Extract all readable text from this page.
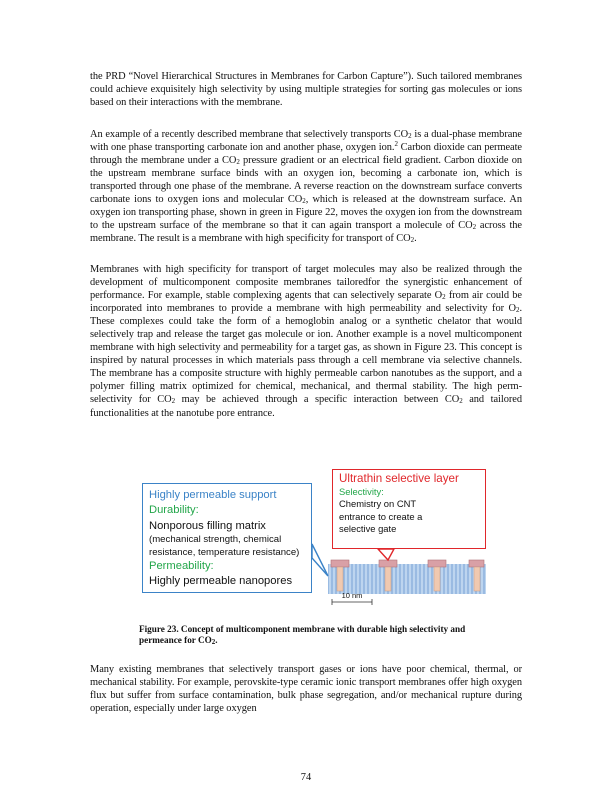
the PRD “Novel Hierarchical Structures in Membranes for Carbon Capture”). Such tailored membranes could achieve exquisitely high selectivity by using multiple strategies for sorting gas molecules or ions based on their interactions with the membrane.

An example of a recently described membrane that selectively transports $CO_2$ is a dual-phase membrane with one phase transporting carbonate ion and another phase, oxygen ion.$^2$ Carbon dioxide can permeate through the membrane under a $CO_2$ pressure gradient or an electrical field gradient. Carbon dioxide on the upstream membrane surface binds with an oxygen ion, becoming a carbonate ion, which is transported through one phase of the membrane. A reverse reaction on the downstream surface converts carbonate ions to oxygen ions and molecular $CO_2$, which is released at the downstream surface. An oxygen ion transporting phase, shown in green in Figure 22, moves the oxygen ion from the downstream to the upstream surface of the membrane so that it can again transport a molecule of $CO_2$ across the membrane. The result is a membrane with high specificity for transport of $CO_2$.

Membranes with high specificity for transport of target molecules may also be realized through the development of multicomponent composite membranes tailoredfor the synergistic enhancement of performance. For example, stable complexing agents that can selectively separate $O_2$ from air could be incorporated into membranes to provide a membrane with high permeability and selectivity for $O_2$. These complexes could take the form of a hemoglobin analog or a synthetic chelator that would selectively trap and release the target gas molecule or ion. Another example is a novel multicomponent membrane with high selectivity and permeability for a target gas, as shown in Figure 23. This concept is inspired by natural processes in which materials pass through a cell membrane via selective channels. The membrane has a composite structure with highly permeable carbon nanotubes as the support, and a polymer filling matrix optimized for chemical, mechanical, and thermal stability. The high perm-selectivity for $CO_2$ may be achieved through a specific interaction between $CO_2$ and tailored functionalities at the nanotube pore entrance.

10 nm
Highly permeable support
Durability:
Nonporous filling matrix
(mechanical strength, chemical resistance, temperature resistance)
Permeability:
Highly permeable nanopores
Ultrathin selective layer
Selectivity:
Chemistry on CNT entrance to create a selective gate

Figure 23. Concept of multicomponent membrane with durable high selectivity and permeance for $CO_2$.

Many existing membranes that selectively transport gases or ions have poor chemical, thermal, or mechanical stability. For example, perovskite-type ceramic ionic transport membranes offer high oxygen flux but suffer from surface contamination, bulk phase segregation, and/or mechanical rupture during operation, especially under large oxygen

74
